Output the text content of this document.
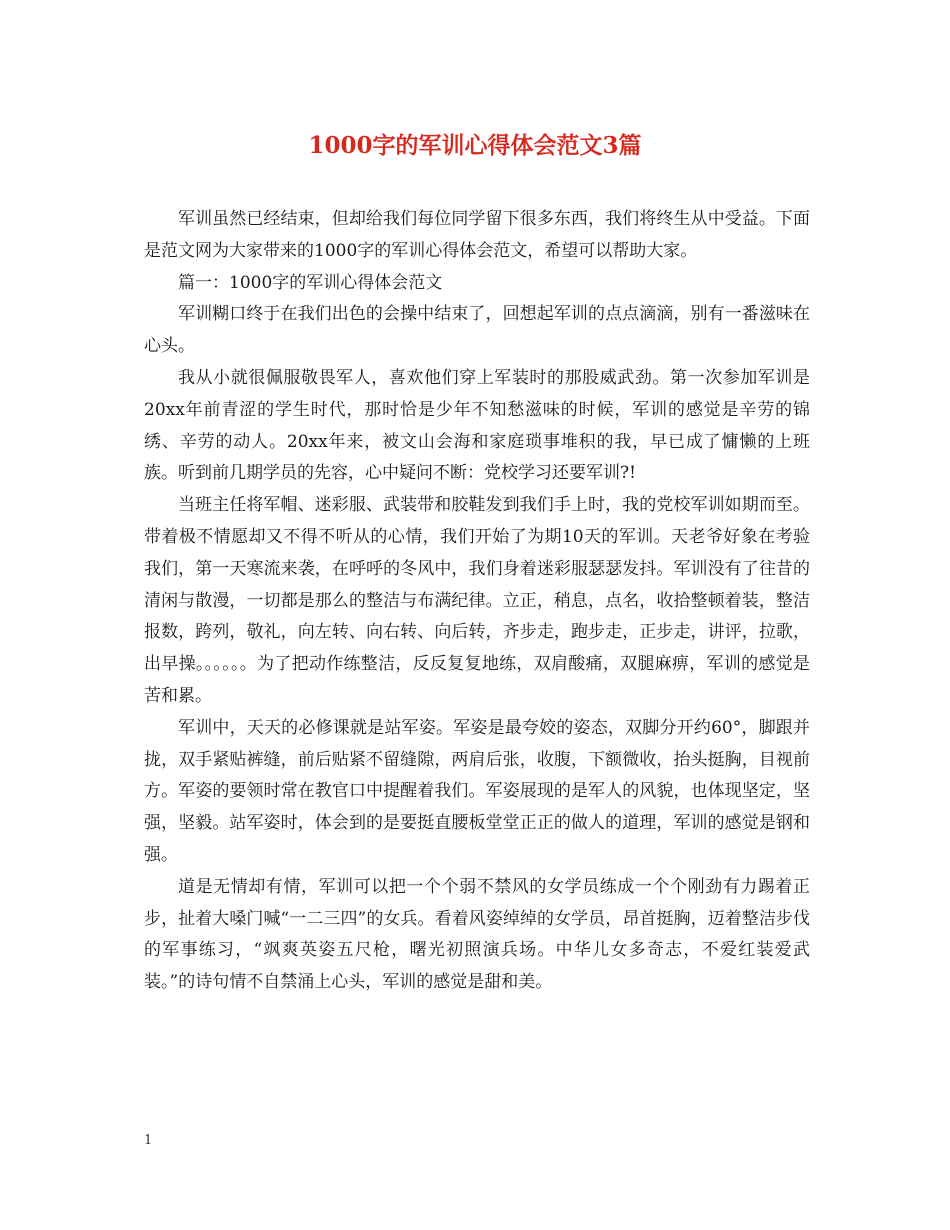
1000字的军训心得体会范文3篇

军训虽然已经结束，但却给我们每位同学留下很多东西，我们将终生从中受益。下面是范文网为大家带来的1000字的军训心得体会范文，希望可以帮助大家。

篇一：1000字的军训心得体会范文

军训糊口终于在我们出色的会操中结束了，回想起军训的点点滴滴，别有一番滋味在心头。

我从小就很佩服敬畏军人，喜欢他们穿上军装时的那股威武劲。第一次参加军训是20xx年前青涩的学生时代，那时恰是少年不知愁滋味的时候，军训的感觉是辛劳的锦绣、辛劳的动人。20xx年来，被文山会海和家庭琐事堆积的我，早已成了慵懒的上班族。听到前几期学员的先容，心中疑问不断：党校学习还要军训?!

当班主任将军帽、迷彩服、武装带和胶鞋发到我们手上时，我的党校军训如期而至。带着极不情愿却又不得不听从的心情，我们开始了为期10天的军训。天老爷好象在考验我们，第一天寒流来袭，在呼呼的冬风中，我们身着迷彩服瑟瑟发抖。军训没有了往昔的清闲与散漫，一切都是那么的整洁与布满纪律。立正，稍息，点名，收拾整顿着装，整洁报数，跨列，敬礼，向左转、向右转、向后转，齐步走，跑步走，正步走，讲评，拉歌，出早操。。。。。。为了把动作练整洁，反反复复地练，双肩酸痛，双腿麻痹，军训的感觉是苦和累。

军训中，天天的必修课就是站军姿。军姿是最夸姣的姿态，双脚分开约60°，脚跟并拢，双手紧贴裤缝，前后贴紧不留缝隙，两肩后张，收腹，下额微收，抬头挺胸，目视前方。军姿的要领时常在教官口中提醒着我们。军姿展现的是军人的风貌，也体现坚定，坚强，坚毅。站军姿时，体会到的是要挺直腰板堂堂正正的做人的道理，军训的感觉是钢和强。

道是无情却有情，军训可以把一个个弱不禁风的女学员练成一个个刚劲有力踢着正步，扯着大嗓门喊“一二三四”的女兵。看着风姿绰绰的女学员，昂首挺胸，迈着整洁步伐的军事练习，“飒爽英姿五尺枪，曙光初照演兵场。中华儿女多奇志，不爱红装爱武装。”的诗句情不自禁涌上心头，军训的感觉是甜和美。

1
